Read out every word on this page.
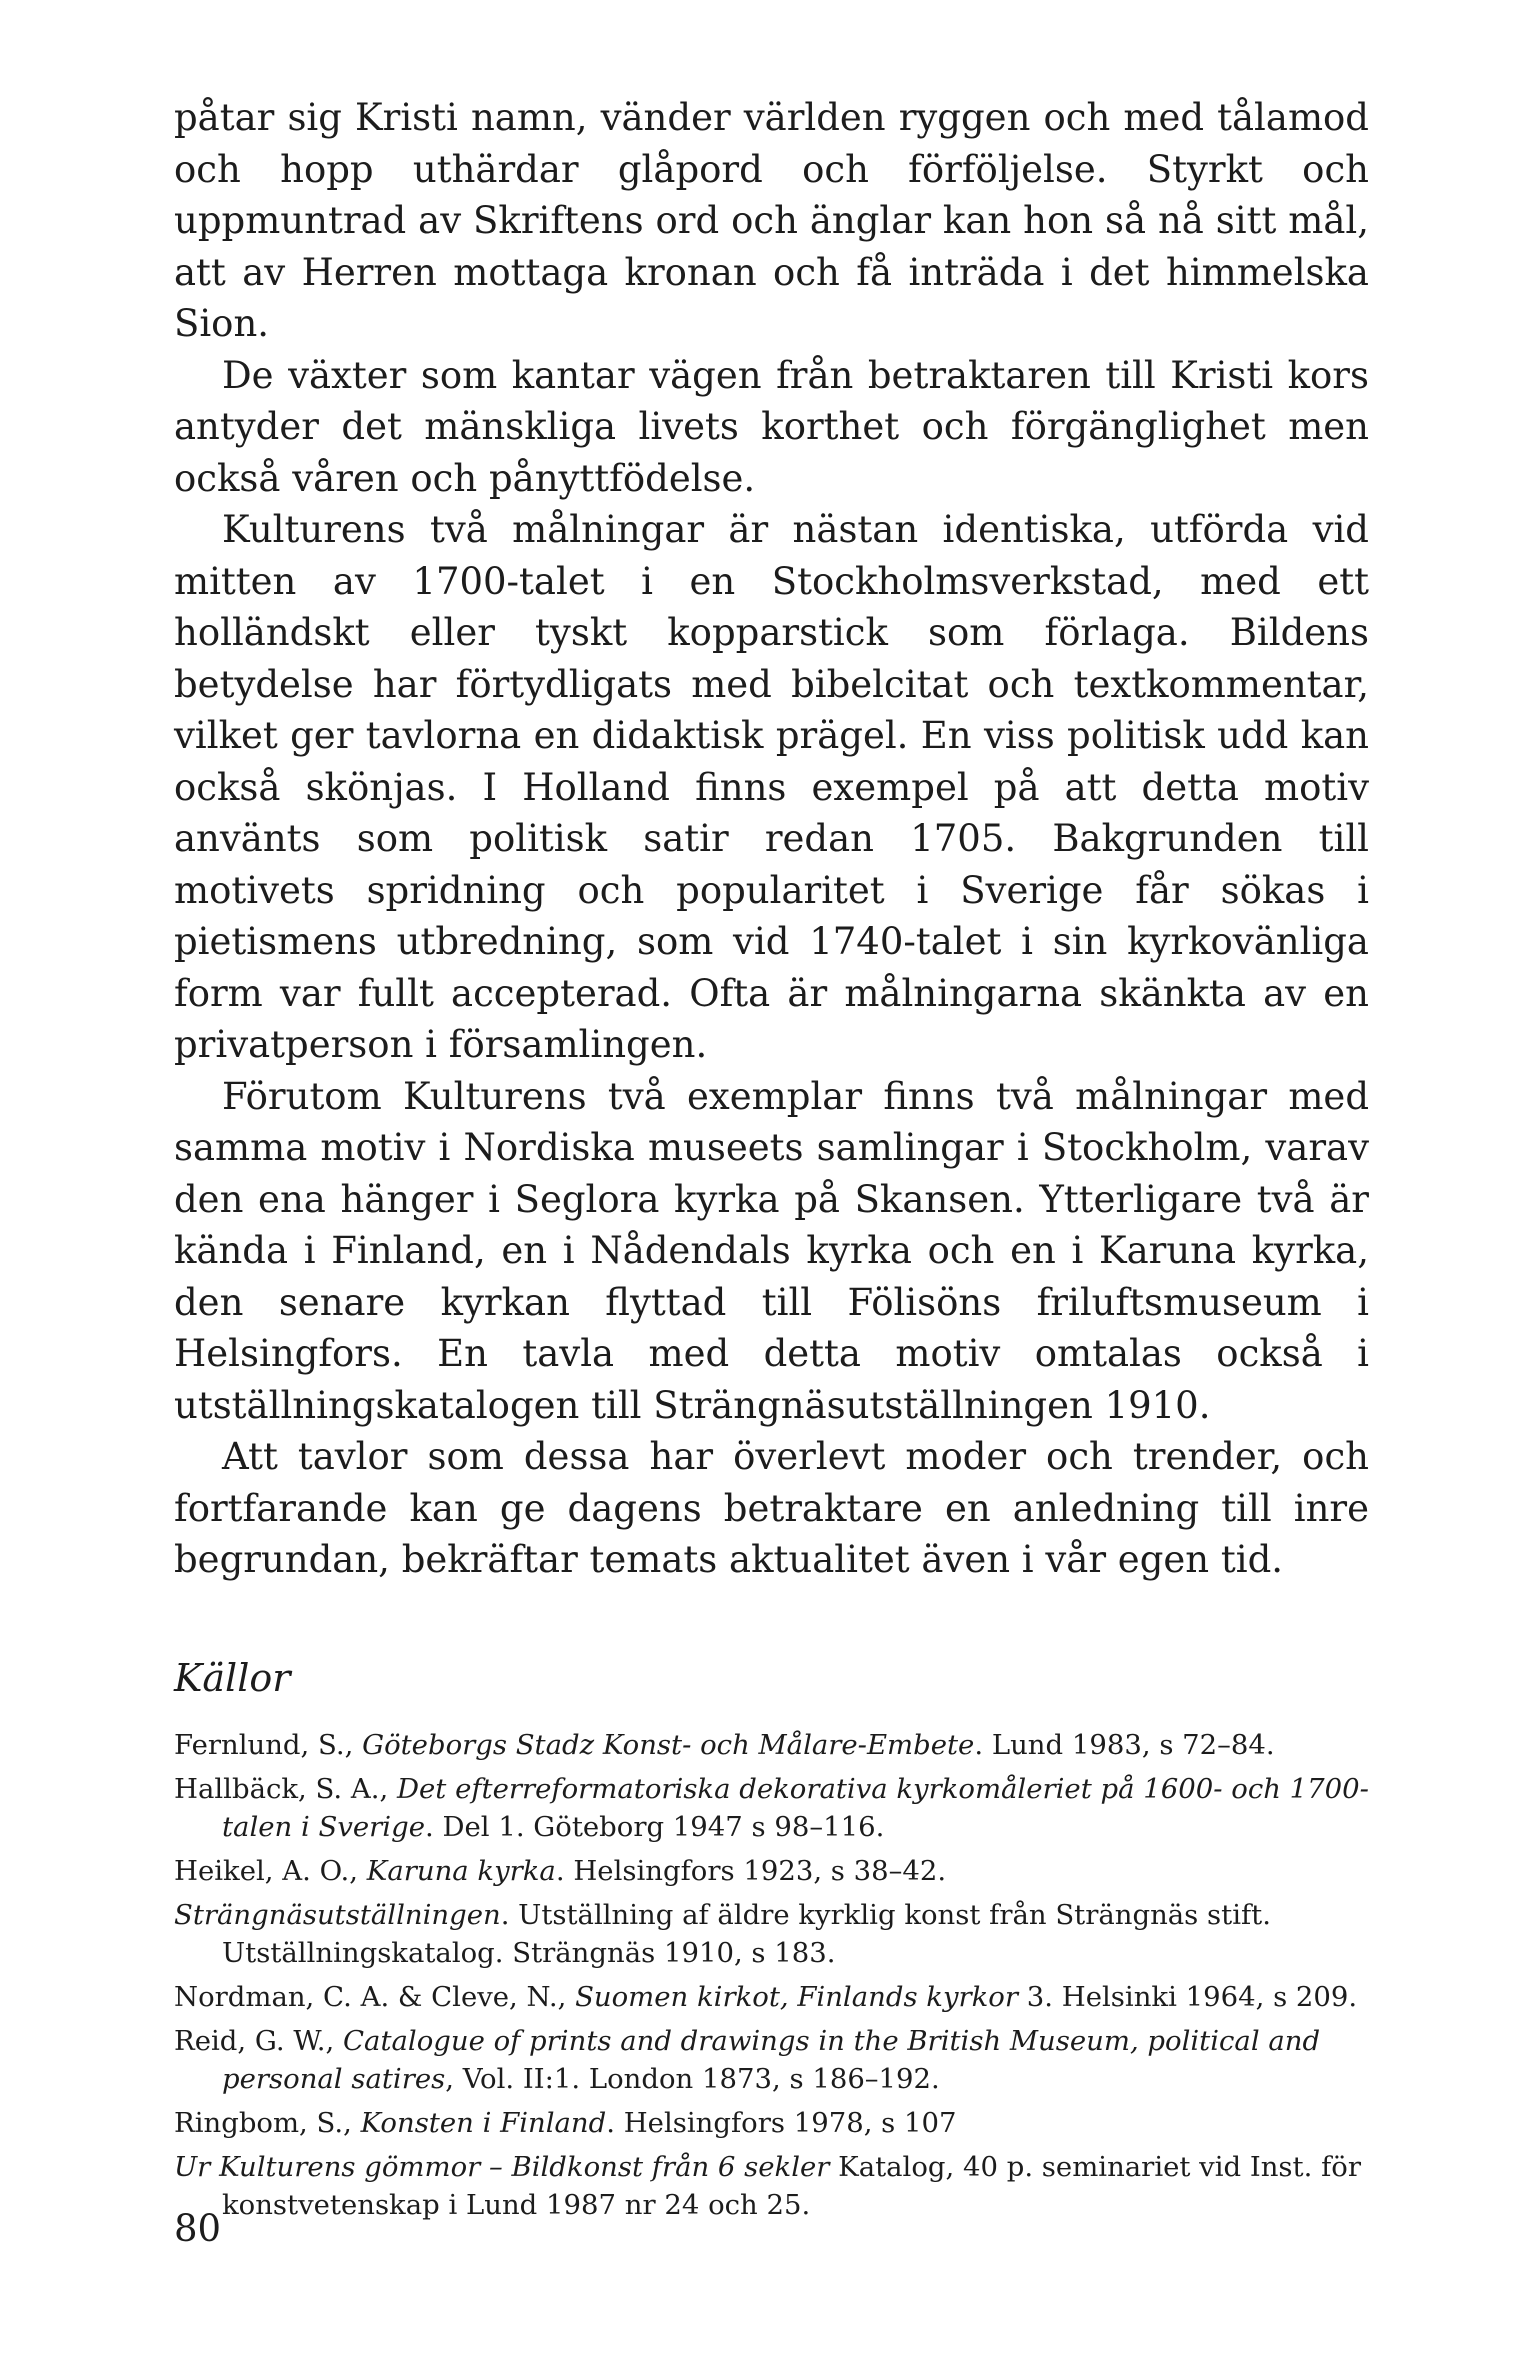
påtar sig Kristi namn, vänder världen ryggen och med tålamod och hopp uthärdar glåpord och förföljelse. Styrkt och uppmuntrad av Skriftens ord och änglar kan hon så nå sitt mål, att av Herren mottaga kronan och få inträda i det himmelska Sion.

De växter som kantar vägen från betraktaren till Kristi kors antyder det mänskliga livets korthet och förgänglighet men också våren och pånyttfödelse.

Kulturens två målningar är nästan identiska, utförda vid mitten av 1700-talet i en Stockholmsverkstad, med ett holländskt eller tyskt kopparstick som förlaga. Bildens betydelse har förtydligats med bibelcitat och textkommentar, vilket ger tavlorna en didaktisk prägel. En viss politisk udd kan också skönjas. I Holland finns exempel på att detta motiv använts som politisk satir redan 1705. Bakgrunden till motivets spridning och popularitet i Sverige får sökas i pietismens utbredning, som vid 1740-talet i sin kyrkovänliga form var fullt accepterad. Ofta är målningarna skänkta av en privatperson i församlingen.

Förutom Kulturens två exemplar finns två målningar med samma motiv i Nordiska museets samlingar i Stockholm, varav den ena hänger i Seglora kyrka på Skansen. Ytterligare två är kända i Finland, en i Nådendals kyrka och en i Karuna kyrka, den senare kyrkan flyttad till Fölisöns friluftsmuseum i Helsingfors. En tavla med detta motiv omtalas också i utställningskatalogen till Strängnäsutställningen 1910.

Att tavlor som dessa har överlevt moder och trender, och fortfarande kan ge dagens betraktare en anledning till inre begrundan, bekräftar temats aktualitet även i vår egen tid.

Källor
Fernlund, S., Göteborgs Stadz Konst- och Målare-Embete. Lund 1983, s 72–84.
Hallbäck, S. A., Det efterreformatoriska dekorativa kyrkomåleriet på 1600- och 1700-talen i Sverige. Del 1. Göteborg 1947 s 98–116.
Heikel, A. O., Karuna kyrka. Helsingfors 1923, s 38–42.
Strängnäsutställningen. Utställning af äldre kyrklig konst från Strängnäs stift. Utställningskatalog. Strängnäs 1910, s 183.
Nordman, C. A. & Cleve, N., Suomen kirkot, Finlands kyrkor 3. Helsinki 1964, s 209.
Reid, G. W., Catalogue of prints and drawings in the British Museum, political and personal satires, Vol. II:1. London 1873, s 186–192.
Ringbom, S., Konsten i Finland. Helsingfors 1978, s 107
Ur Kulturens gömmor – Bildkonst från 6 sekler Katalog, 40 p. seminariet vid Inst. för konstvetenskap i Lund 1987 nr 24 och 25.
80
